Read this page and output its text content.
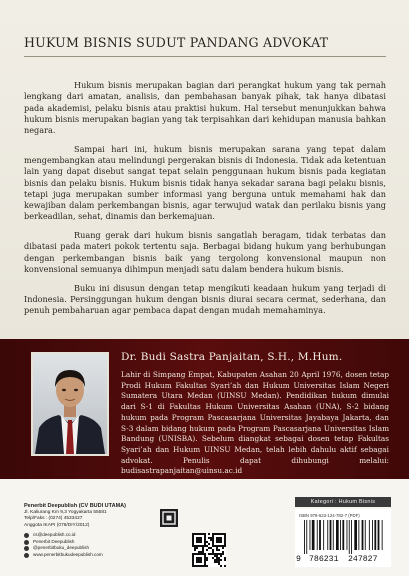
HUKUM BISNIS SUDUT PANDANG ADVOKAT

Hukum bisnis merupakan bagian dari perangkat hukum yang tak pernah lengkang dari amatan, analisis, dan pembahasan banyak pihak, tak hanya dibatasi pada akademisi, pelaku bisnis atau praktisi hukum. Hal tersebut menunjukkan bahwa hukum bisnis merupakan bagian yang tak terpisahkan dari kehidupan manusia bahkan negara.

Sampai hari ini, hukum bisnis merupakan sarana yang tepat dalam mengembangkan atau melindungi pergerakan bisnis di Indonesia. Tidak ada ketentuan lain yang dapat disebut sangat tepat selain penggunaan hukum bisnis pada kegiatan bisnis dan pelaku bisnis. Hukum bisnis tidak hanya sekadar sarana bagi pelaku bisnis, tetapi juga merupakan sumber informasi yang berguna untuk memahami hak dan kewajiban dalam perkembangan bisnis, agar terwujud watak dan perilaku bisnis yang berkeadilan, sehat, dinamis dan berkemajuan.

Ruang gerak dari hukum bisnis sangatlah beragam, tidak terbatas dan dibatasi pada materi pokok tertentu saja. Berbagai bidang hukum yang berhubungan dengan perkembangan bisnis baik yang tergolong konvensional maupun non konvensional semuanya dihimpun menjadi satu dalam bendera hukum bisnis.

Buku ini disusun dengan tetap mengikuti keadaan hukum yang terjadi di Indonesia. Persinggungan hukum dengan bisnis diurai secara cermat, sederhana, dan penuh pembaharuan agar pembaca dapat dengan mudah memahaminya.

Dr. Budi Sastra Panjaitan, S.H., M.Hum.
Lahir di Simpang Empat, Kabupaten Asahan 20 April 1976, dosen tetap Prodi Hukum Fakultas Syari’ah dan Hukum Universitas Islam Negeri Sumatera Utara Medan (UINSU Medan). Pendidikan hukum dimulai dari S-1 di Fakultas Hukum Universitas Asahan (UNA), S-2 bidang hukum pada Program Pascasarjana Universitas Jayabaya Jakarta, dan S-3 dalam bidang hukum pada Program Pascasarjana Universitas Islam Bandung (UNISBA). Sebelum diangkat sebagai dosen tetap Fakultas Syari’ah dan Hukum UINSU Medan, telah lebih dahulu aktif sebagai advokat. Penulis dapat dihubungi melalui: budisastrapanjaitan@uinsu.ac.id
Penerbit Deepublish (CV BUDI UTAMA)
Jl. Kaliurang Km 9,3 Yogyakarta 55581
Telp/Faks : (0274) 4533427
Anggota IKAPI (076/DIY/2012)
cs@deepublish.co.id
Penerbit Deepublish
@penerbitbuku_deepublish
www.penerbitbukudeepublish.com
Kategori : Hukum Bisnis
ISBN 978-623-124-782-7 (PDF)
9 786231 247827
